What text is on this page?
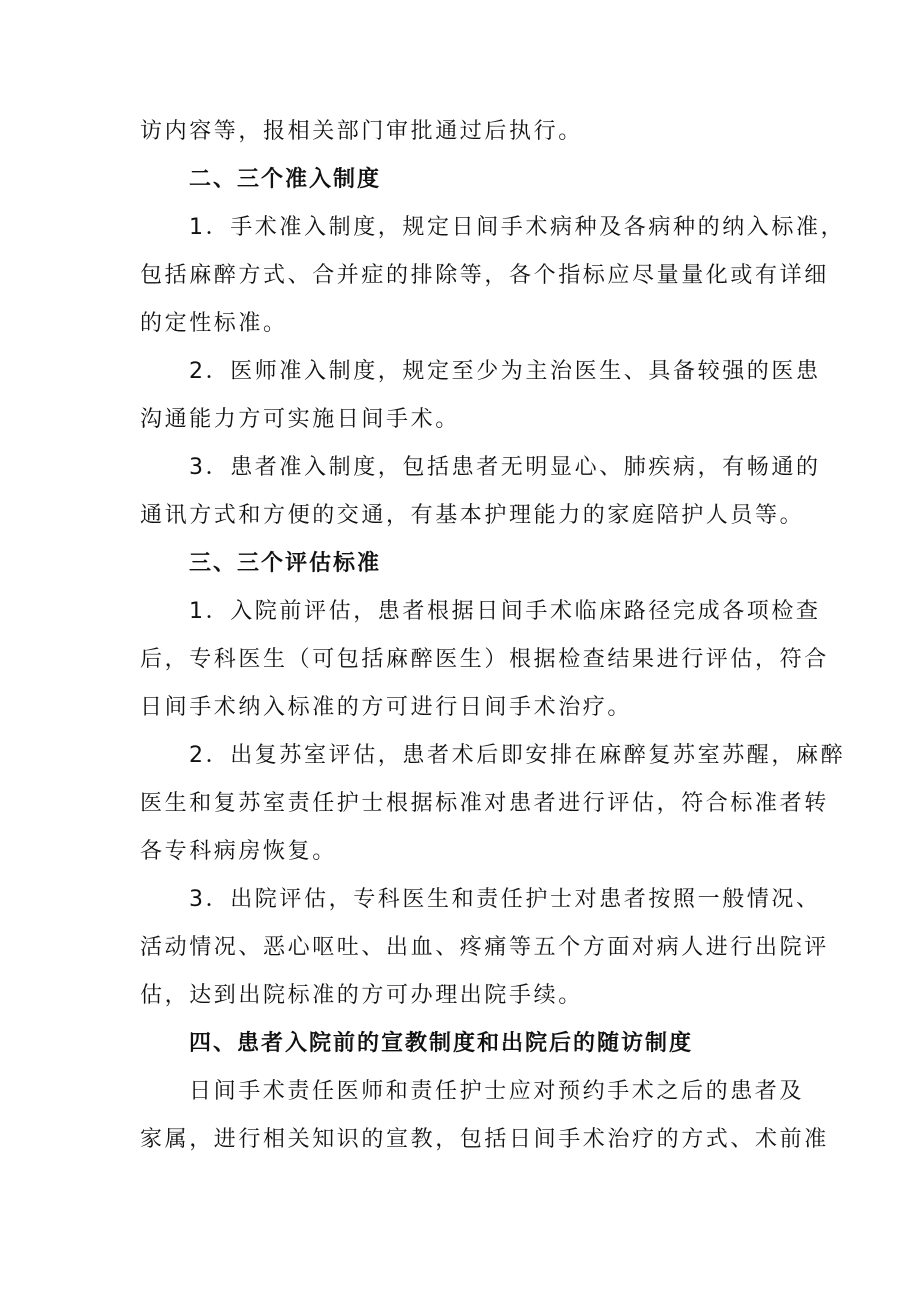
访内容等，报相关部门审批通过后执行。
二、三个准入制度
1．手术准入制度，规定日间手术病种及各病种的纳入标准，
包括麻醉方式、合并症的排除等，各个指标应尽量量化或有详细
的定性标准。
2．医师准入制度，规定至少为主治医生、具备较强的医患
沟通能力方可实施日间手术。
3．患者准入制度，包括患者无明显心、肺疾病，有畅通的
通讯方式和方便的交通，有基本护理能力的家庭陪护人员等。
三、三个评估标准
1．入院前评估，患者根据日间手术临床路径完成各项检查
后，专科医生（可包括麻醉医生）根据检查结果进行评估，符合
日间手术纳入标准的方可进行日间手术治疗。
2．出复苏室评估，患者术后即安排在麻醉复苏室苏醒，麻醉
医生和复苏室责任护士根据标准对患者进行评估，符合标准者转
各专科病房恢复。
3．出院评估，专科医生和责任护士对患者按照一般情况、
活动情况、恶心呕吐、出血、疼痛等五个方面对病人进行出院评
估，达到出院标准的方可办理出院手续。
四、患者入院前的宣教制度和出院后的随访制度
日间手术责任医师和责任护士应对预约手术之后的患者及
家属，进行相关知识的宣教，包括日间手术治疗的方式、术前准
